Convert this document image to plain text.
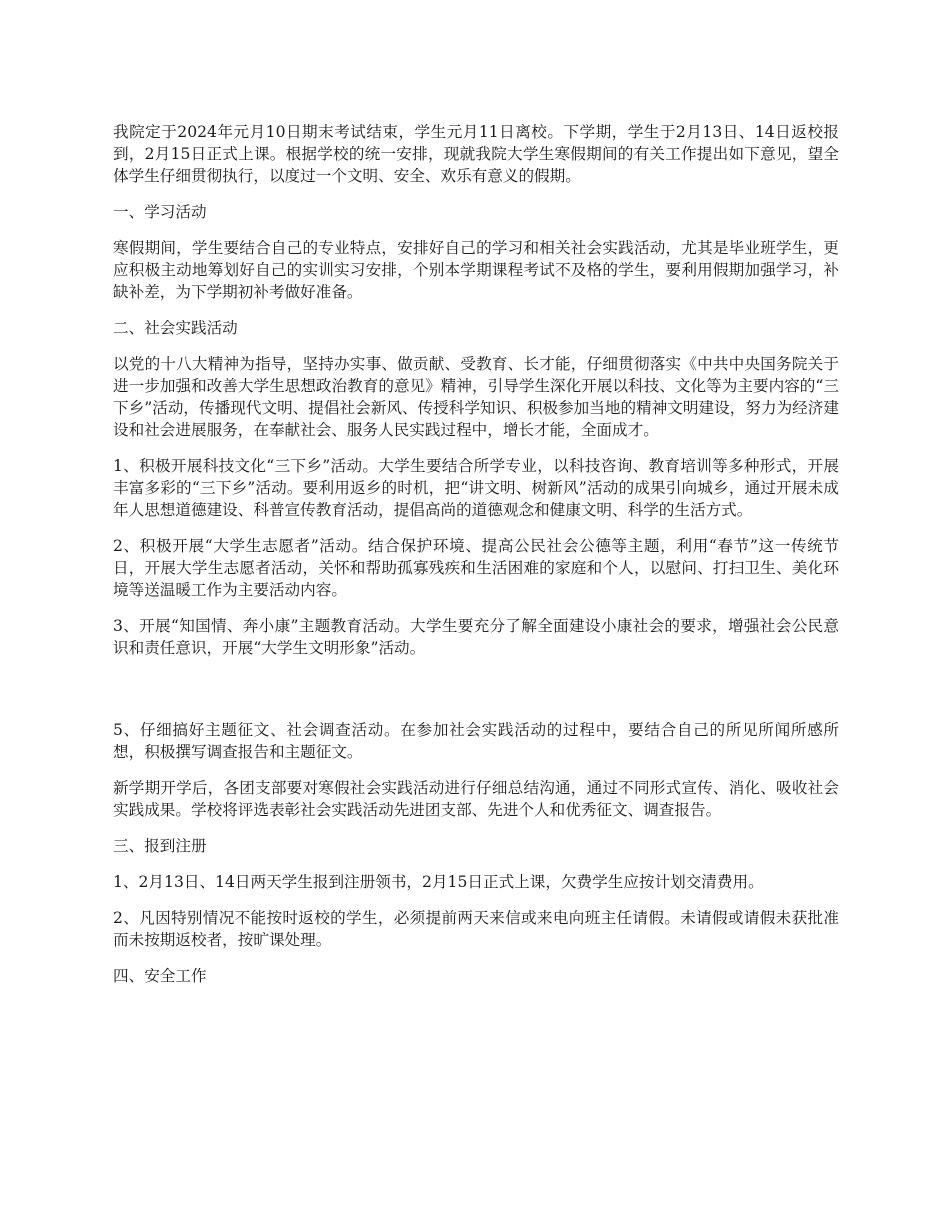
我院定于2024年元月10日期末考试结束，学生元月11日离校。下学期，学生于2月13日、14日返校报到，2月15日正式上课。根据学校的统一安排，现就我院大学生寒假期间的有关工作提出如下意见，望全体学生仔细贯彻执行，以度过一个文明、安全、欢乐有意义的假期。

一、学习活动

寒假期间，学生要结合自己的专业特点，安排好自己的学习和相关社会实践活动，尤其是毕业班学生，更应积极主动地筹划好自己的实训实习安排，个别本学期课程考试不及格的学生，要利用假期加强学习，补缺补差，为下学期初补考做好准备。

二、社会实践活动

以党的十八大精神为指导，坚持办实事、做贡献、受教育、长才能，仔细贯彻落实《中共中央国务院关于进一步加强和改善大学生思想政治教育的意见》精神，引导学生深化开展以科技、文化等为主要内容的“三下乡”活动，传播现代文明、提倡社会新风、传授科学知识、积极参加当地的精神文明建设，努力为经济建设和社会进展服务，在奉献社会、服务人民实践过程中，增长才能，全面成才。

1、积极开展科技文化“三下乡”活动。大学生要结合所学专业，以科技咨询、教育培训等多种形式，开展丰富多彩的“三下乡”活动。要利用返乡的时机，把“讲文明、树新风”活动的成果引向城乡，通过开展未成年人思想道德建设、科普宣传教育活动，提倡高尚的道德观念和健康文明、科学的生活方式。

2、积极开展“大学生志愿者”活动。结合保护环境、提高公民社会公德等主题，利用“春节”这一传统节日，开展大学生志愿者活动，关怀和帮助孤寡残疾和生活困难的家庭和个人，以慰问、打扫卫生、美化环境等送温暖工作为主要活动内容。

3、开展“知国情、奔小康”主题教育活动。大学生要充分了解全面建设小康社会的要求，增强社会公民意识和责任意识，开展“大学生文明形象”活动。

5、仔细搞好主题征文、社会调查活动。在参加社会实践活动的过程中，要结合自己的所见所闻所感所想，积极撰写调查报告和主题征文。

新学期开学后，各团支部要对寒假社会实践活动进行仔细总结沟通，通过不同形式宣传、消化、吸收社会实践成果。学校将评选表彰社会实践活动先进团支部、先进个人和优秀征文、调查报告。

三、报到注册

1、2月13日、14日两天学生报到注册领书，2月15日正式上课，欠费学生应按计划交清费用。

2、凡因特别情况不能按时返校的学生，必须提前两天来信或来电向班主任请假。未请假或请假未获批准而未按期返校者，按旷课处理。

四、安全工作
